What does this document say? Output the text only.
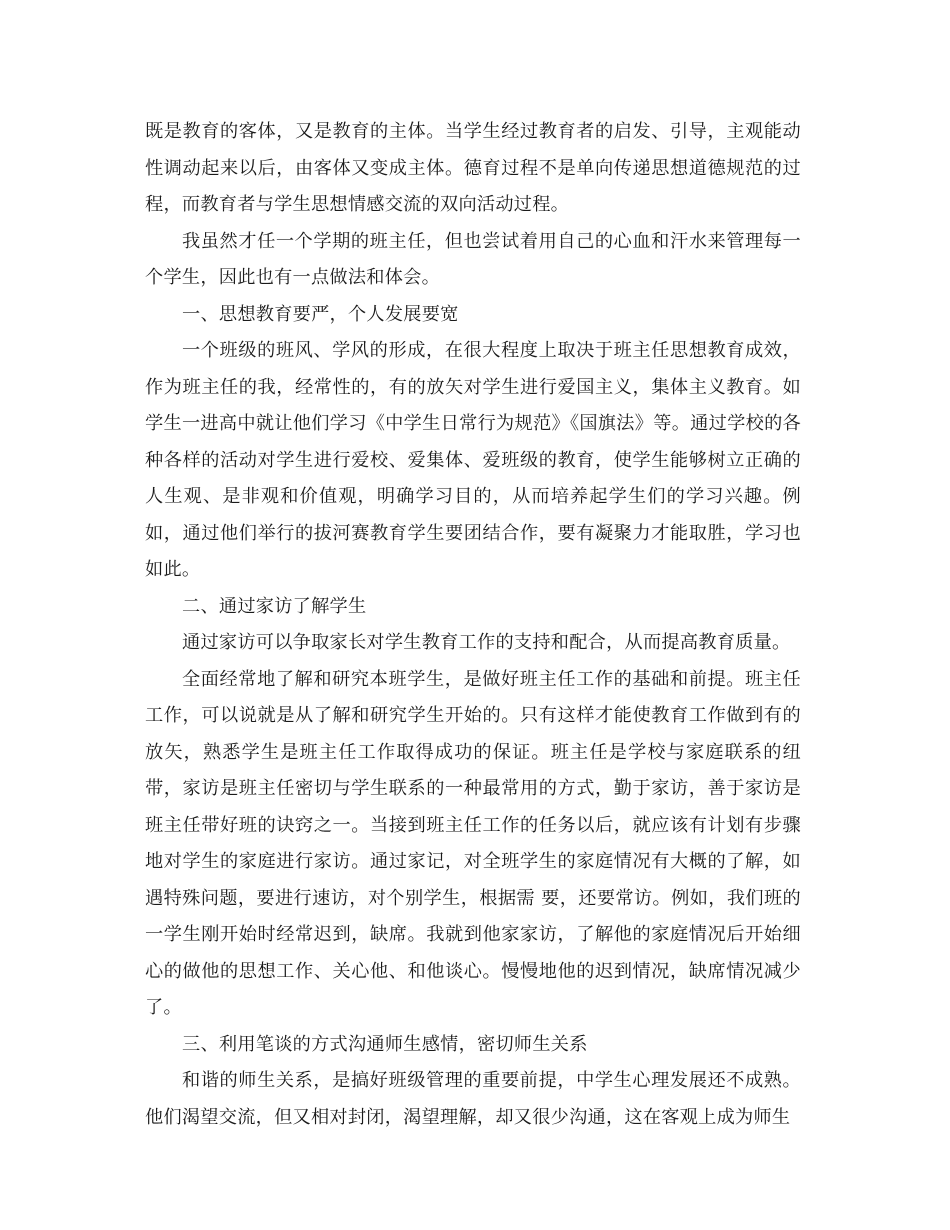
既是教育的客体，又是教育的主体。当学生经过教育者的启发、引导，主观能动性调动起来以后，由客体又变成主体。德育过程不是单向传递思想道德规范的过程，而教育者与学生思想情感交流的双向活动过程。

我虽然才任一个学期的班主任，但也尝试着用自己的心血和汗水来管理每一个学生，因此也有一点做法和体会。

一、思想教育要严，个人发展要宽

一个班级的班风、学风的形成，在很大程度上取决于班主任思想教育成效，作为班主任的我，经常性的，有的放矢对学生进行爱国主义，集体主义教育。如学生一进高中就让他们学习《中学生日常行为规范》《国旗法》等。通过学校的各种各样的活动对学生进行爱校、爱集体、爱班级的教育，使学生能够树立正确的人生观、是非观和价值观，明确学习目的，从而培养起学生们的学习兴趣。例如，通过他们举行的拔河赛教育学生要团结合作，要有凝聚力才能取胜，学习也如此。

二、通过家访了解学生

通过家访可以争取家长对学生教育工作的支持和配合，从而提高教育质量。

全面经常地了解和研究本班学生，是做好班主任工作的基础和前提。班主任工作，可以说就是从了解和研究学生开始的。只有这样才能使教育工作做到有的放矢，熟悉学生是班主任工作取得成功的保证。班主任是学校与家庭联系的纽带，家访是班主任密切与学生联系的一种最常用的方式，勤于家访，善于家访是班主任带好班的诀窍之一。当接到班主任工作的任务以后，就应该有计划有步骤地对学生的家庭进行家访。通过家记，对全班学生的家庭情况有大概的了解，如遇特殊问题，要进行速访，对个别学生，根据需 要，还要常访。例如，我们班的一学生刚开始时经常迟到，缺席。我就到他家家访，了解他的家庭情况后开始细心的做他的思想工作、关心他、和他谈心。慢慢地他的迟到情况，缺席情况减少了。

三、利用笔谈的方式沟通师生感情，密切师生关系

和谐的师生关系，是搞好班级管理的重要前提，中学生心理发展还不成熟。他们渴望交流，但又相对封闭，渴望理解，却又很少沟通，这在客观上成为师生
